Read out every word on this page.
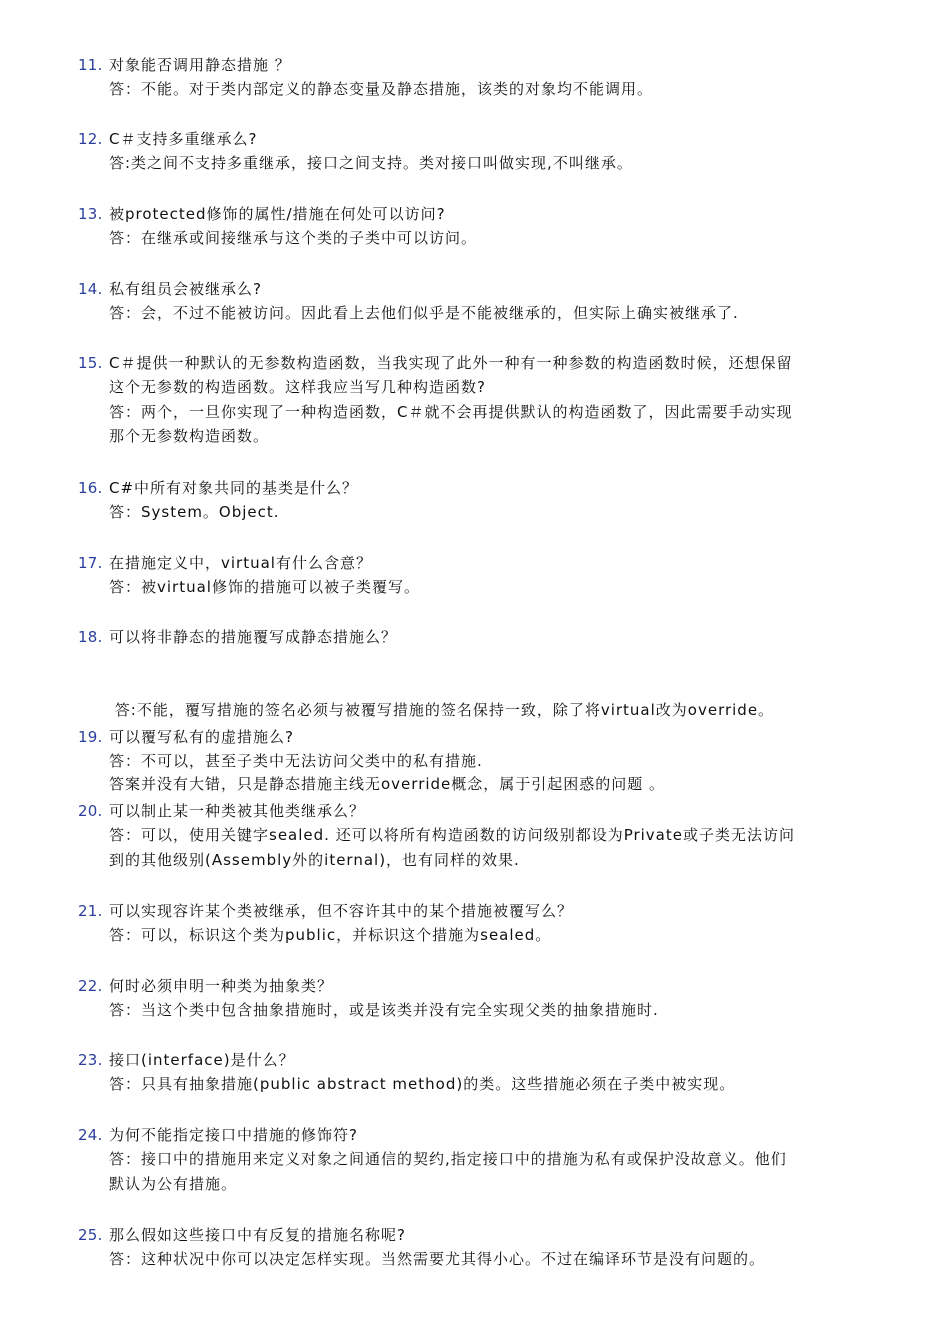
11. 对象能否调用静态措施 ？
答：不能。对于类内部定义的静态变量及静态措施，该类的对象均不能调用。
12. C＃支持多重继承么?
答:类之间不支持多重继承，接口之间支持。类对接口叫做实现,不叫继承。
13. 被protected修饰的属性/措施在何处可以访问?
答：在继承或间接继承与这个类的子类中可以访问。
14. 私有组员会被继承么?
答：会，不过不能被访问。因此看上去他们似乎是不能被继承的，但实际上确实被继承了.
15. C＃提供一种默认的无参数构造函数，当我实现了此外一种有一种参数的构造函数时候，还想保留
这个无参数的构造函数。这样我应当写几种构造函数?
答：两个，一旦你实现了一种构造函数，C＃就不会再提供默认的构造函数了，因此需要手动实现
那个无参数构造函数。
16. C#中所有对象共同的基类是什么？
答：System。Object.
17. 在措施定义中，virtual有什么含意？
答：被virtual修饰的措施可以被子类覆写。
18. 可以将非静态的措施覆写成静态措施么？

答:不能，覆写措施的签名必须与被覆写措施的签名保持一致，除了将virtual改为override。

答案并没有大错，只是静态措施主线无override概念，属于引起困惑的问题 。

19. 可以覆写私有的虚措施么?
答：不可以，甚至子类中无法访问父类中的私有措施.
20. 可以制止某一种类被其他类继承么？
答：可以，使用关键字sealed. 还可以将所有构造函数的访问级别都设为Private或子类无法访问
到的其他级别(Assembly外的iternal)，也有同样的效果.
21. 可以实现容许某个类被继承，但不容许其中的某个措施被覆写么？
答：可以，标识这个类为public，并标识这个措施为sealed。
22. 何时必须申明一种类为抽象类？
答：当这个类中包含抽象措施时，或是该类并没有完全实现父类的抽象措施时.
23. 接口(interface)是什么？
答：只具有抽象措施(public abstract method)的类。这些措施必须在子类中被实现。
24. 为何不能指定接口中措施的修饰符?
答：接口中的措施用来定义对象之间通信的契约,指定接口中的措施为私有或保护没故意义。他们
默认为公有措施。
25. 那么假如这些接口中有反复的措施名称呢?
答：这种状况中你可以决定怎样实现。当然需要尤其得小心。不过在编译环节是没有问题的。
